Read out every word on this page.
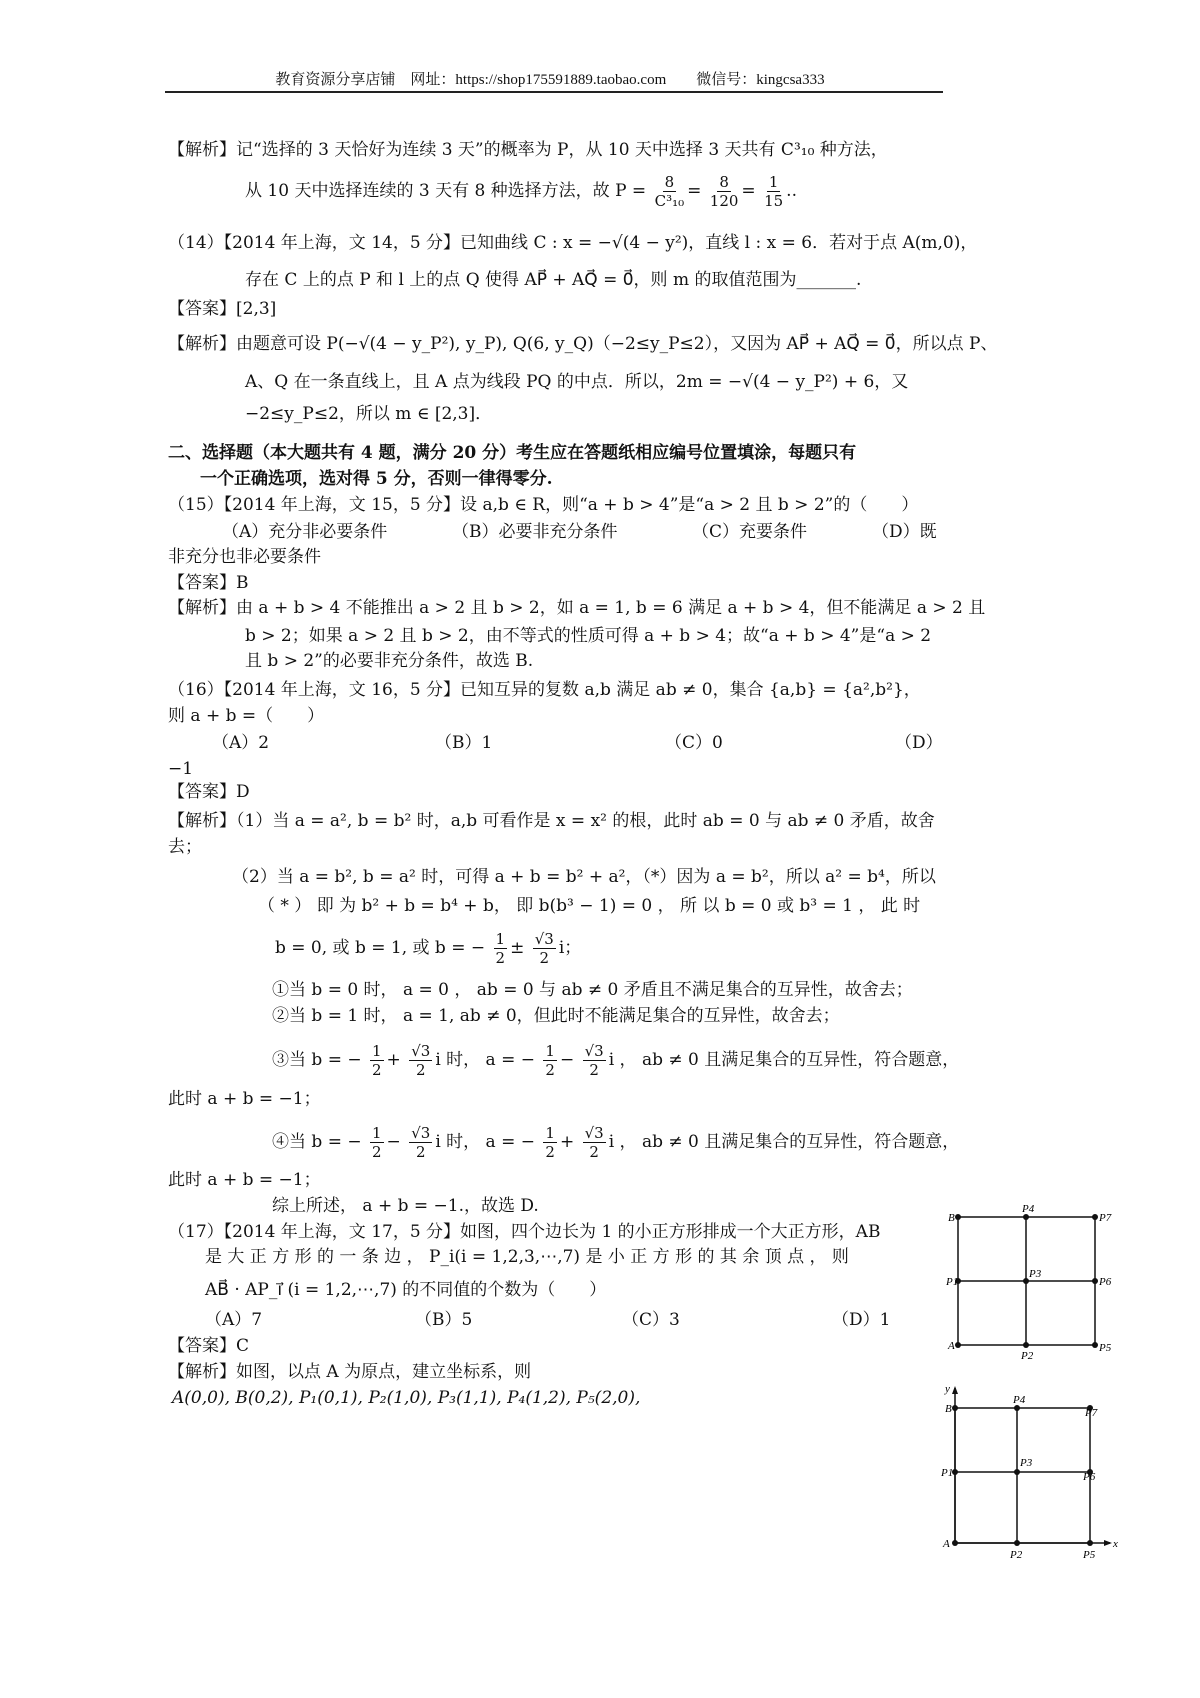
教育资源分享店铺　网址：https://shop175591889.taobao.com　　微信号：kingcsa333
【解析】记“选择的 3 天恰好为连续 3 天”的概率为 P，从 10 天中选择 3 天共有 C³₁₀ 种方法，
从 10 天中选择连续的 3 天有 8 种选择方法，故 $P = \frac{8}{\text{C³₁₀}} = \frac{8}{120} = \frac{1}{15}$ ..
（14）【2014 年上海，文 14，5 分】已知曲线 C : x = −√(4 − y²)，直线 l : x = 6．若对于点 A(m,0)，
存在 C 上的点 P 和 l 上的点 Q 使得 AP⃗ + AQ⃗ = 0⃗，则 m 的取值范围为_______.
【答案】[2,3]
【解析】由题意可设 P(−√(4 − y_P²), y_P), Q(6, y_Q)（−2≤y_P≤2），又因为 AP⃗ + AQ⃗ = 0⃗，所以点 P、
A、Q 在一条直线上，且 A 点为线段 PQ 的中点．所以，2m = −√(4 − y_P²) + 6，又
−2≤y_P≤2，所以 m ∈ [2,3]．
二、选择题（本大题共有 4 题，满分 20 分）考生应在答题纸相应编号位置填涂，每题只有
一个正确选项，选对得 5 分，否则一律得零分.
（15）【2014 年上海，文 15，5 分】设 a,b ∈ R，则“a + b > 4”是“a > 2 且 b > 2”的（　　）
（A）充分非必要条件	（B）必要非充分条件	（C）充要条件	（D）既
非充分也非必要条件
【答案】B
【解析】由 a + b > 4 不能推出 a > 2 且 b > 2，如 a = 1, b = 6 满足 a + b > 4，但不能满足 a > 2 且
b > 2；如果 a > 2 且 b > 2，由不等式的性质可得 a + b > 4；故“a + b > 4”是“a > 2
且 b > 2”的必要非充分条件，故选 B.
（16）【2014 年上海，文 16，5 分】已知互异的复数 a,b 满足 ab ≠ 0，集合 {a,b} = {a²,b²}，
则 a + b =（　　）
（A）2	（B）1	（C）0	（D）
−1
【答案】D
【解析】（1）当 a = a², b = b² 时，a,b 可看作是 x = x² 的根，此时 ab = 0 与 ab ≠ 0 矛盾，故舍
去；
（2）当 a = b², b = a² 时，可得 a + b = b² + a²，（*）因为 a = b²，所以 a² = b⁴，所以
（ * ） 即 为 b² + b = b⁴ + b， 即 b(b³ − 1) = 0 ， 所 以 b = 0 或 b³ = 1 ， 此 时
b = 0, 或 b = 1, 或 b = − $\frac{1}{2} \pm \frac{√3}{2}$ i；
①当 b = 0 时， a = 0 ， ab = 0 与 ab ≠ 0 矛盾且不满足集合的互异性，故舍去；
②当 b = 1 时， a = 1, ab ≠ 0，但此时不能满足集合的互异性，故舍去；
③当 b = − $\frac{1}{2} + \frac{√3}{2}$ i 时， a = − $\frac{1}{2} - \frac{√3}{2}$ i ， ab ≠ 0 且满足集合的互异性，符合题意，
此时 a + b = −1；
④当 b = − $\frac{1}{2} - \frac{√3}{2}$ i 时， a = − $\frac{1}{2} + \frac{√3}{2}$ i ， ab ≠ 0 且满足集合的互异性，符合题意，
此时 a + b = −1；
综上所述， a + b = −1.，故选 D.
（17）【2014 年上海，文 17，5 分】如图，四个边长为 1 的小正方形排成一个大正方形，AB
是 大 正 方 形 的 一 条 边 ， P_i(i = 1,2,3,⋯,7) 是 小 正 方 形 的 其 余 顶 点 ， 则
AB⃗ · AP_i⃗ (i = 1,2,⋯,7) 的不同值的个数为（　　）
（A）7	（B）5	（C）3	（D）1
【答案】C
【解析】如图，以点 A 为原点，建立坐标系，则
A(0,0), B(0,2), P₁(0,1), P₂(1,0), P₃(1,1), P₄(1,2), P₅(2,0),
B
P4
P7
P1
P3
P6
A
P2
P5
B
P4
P7
P1
P3
P6
A
P2	P5
y
x
